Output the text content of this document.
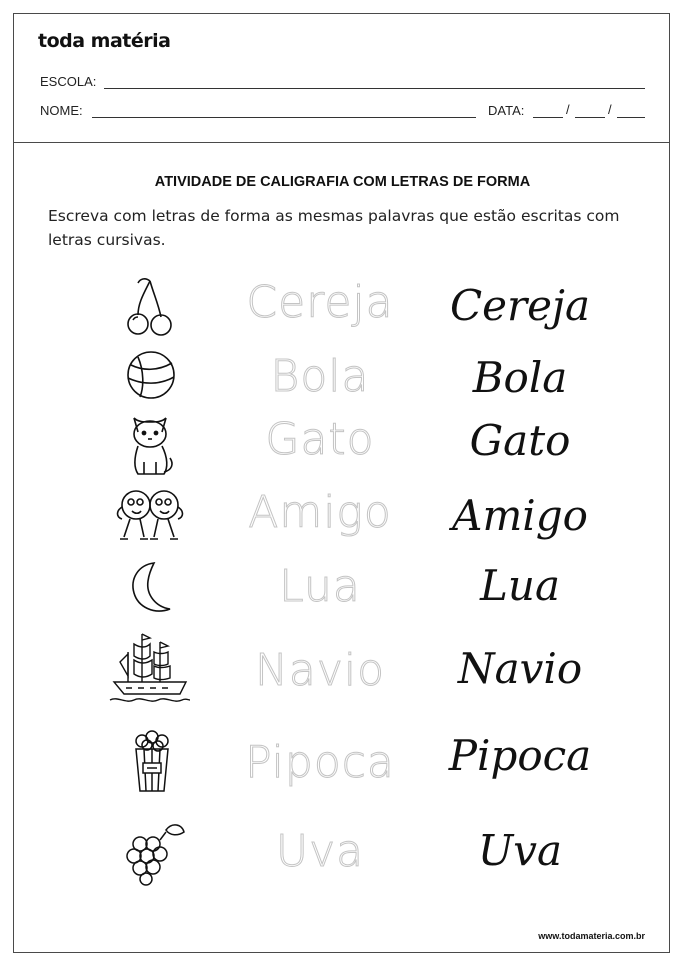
toda matéria
ESCOLA:
NOME:	DATA:	/	/
ATIVIDADE DE CALIGRAFIA COM LETRAS DE FORMA
Escreva com letras de forma as mesmas palavras que estão escritas com letras cursivas.
Cereja	Cereja
Bola	Bola
Gato	Gato
Amigo	Amigo
Lua	Lua
Navio	Navio
Pipoca	Pipoca
Uva	Uva
www.todamateria.com.br
